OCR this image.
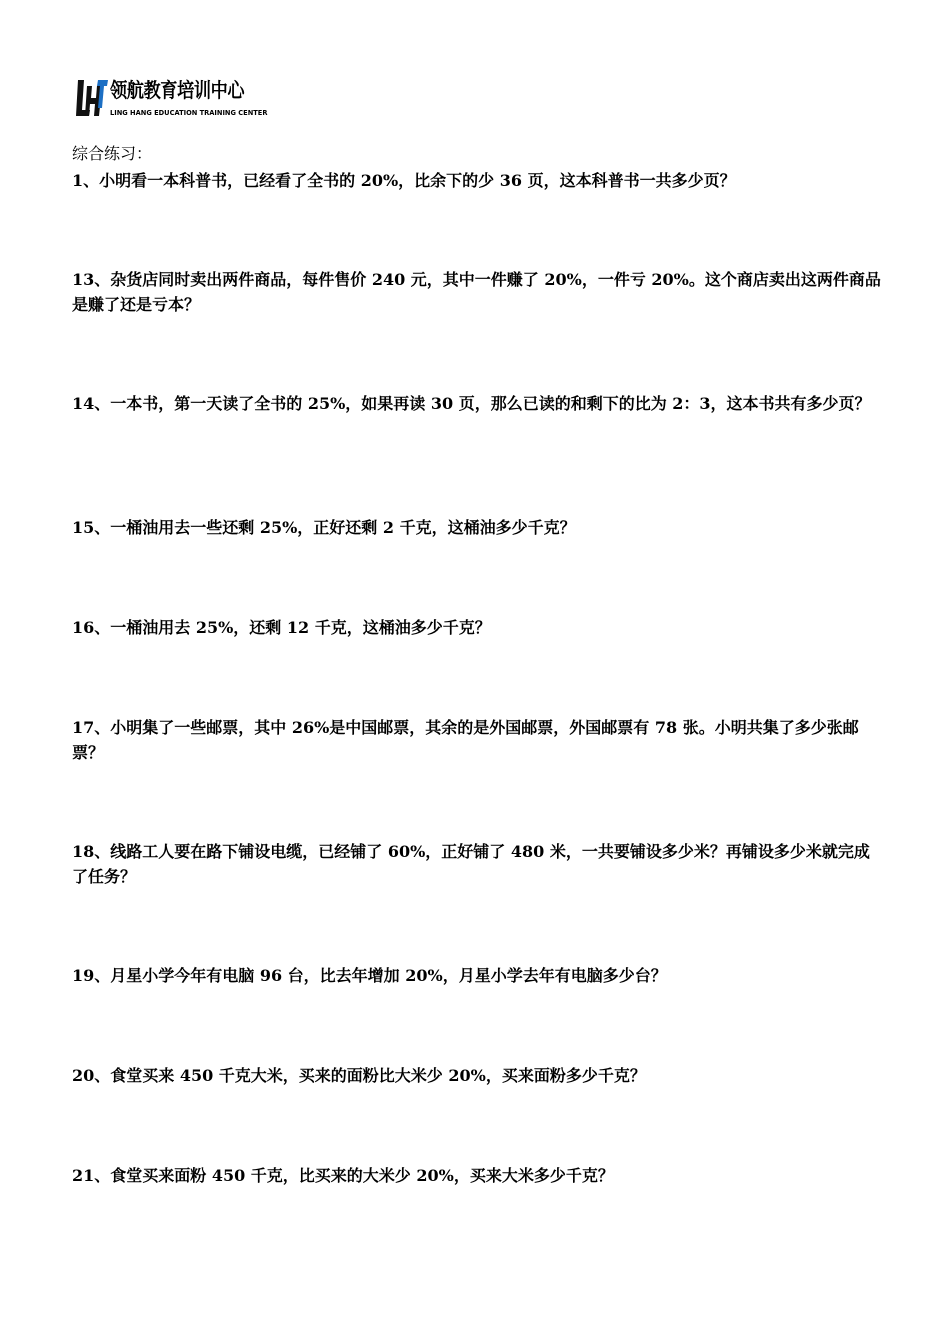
领航教育培训中心
LING HANG EDUCATION TRAINING CENTER
综合练习：

1、小明看一本科普书，已经看了全书的 20%，比余下的少 36 页，这本科普书一共多少页？

13、杂货店同时卖出两件商品，每件售价 240 元，其中一件赚了 20%，一件亏 20%。这个商店卖出这两件商品是赚了还是亏本？

14、一本书，第一天读了全书的 25%，如果再读 30 页，那么已读的和剩下的比为 2：3，这本书共有多少页？

15、一桶油用去一些还剩 25%，正好还剩 2 千克，这桶油多少千克？

16、一桶油用去 25%，还剩 12 千克，这桶油多少千克？

17、小明集了一些邮票，其中 26%是中国邮票，其余的是外国邮票，外国邮票有 78 张。小明共集了多少张邮票？

18、线路工人要在路下铺设电缆，已经铺了 60%，正好铺了 480 米，一共要铺设多少米？再铺设多少米就完成了任务？

19、月星小学今年有电脑 96 台，比去年增加 20%，月星小学去年有电脑多少台？

20、食堂买来 450 千克大米，买来的面粉比大米少 20%，买来面粉多少千克？

21、食堂买来面粉 450 千克，比买来的大米少 20%，买来大米多少千克？
